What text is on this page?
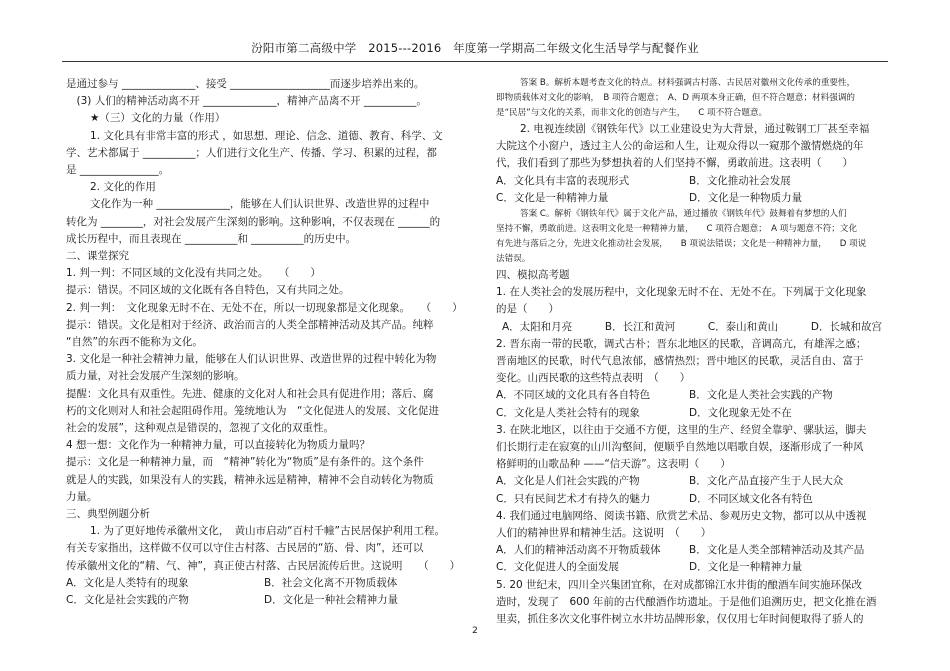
汾阳市第二高级中学　2015---2016　年度第一学期高二年级文化生活导学与配餐作业

是通过参与 ______________、接受 ___________________而逐步培养出来的。

　(3) 人们的精神活动离不开 ______________，精神产品离不开 __________。

★（三）文化的力量（作用）

1. 文化具有非常丰富的形式 ，如思想、理论、信念、道德、教育、科学、文

学、艺术都属于 __________；人们进行文化生产、传播、学习、积累的过程，都

是 _______________。

2. 文化的作用

文化作为一种 ______________，能够在人们认识世界、改造世界的过程中

转化为 ________，对社会发展产生深刻的影响。这种影响，不仅表现在 ______的

成长历程中，而且表现在 __________和 __________的历史中。

二、课堂探究

1. 判一判：不同区域的文化没有共同之处。　　（　　）

提示：错误。不同区域的文化既有各自特色，又有共同之处。

2. 判一判：　文化现象无时不在、无处不在，所以一切现象都是文化现象。　　（　　）

提示：错误。文化是相对于经济、政治而言的人类全部精神活动及其产品。纯粹

“自然”的东西不能称为文化。

3. 文化是一种社会精神力量，能够在人们认识世界、改造世界的过程中转化为物

质力量，对社会发展产生深刻的影响。

提醒：文化具有双重性。先进、健康的文化对人和社会具有促进作用；落后、腐

朽的文化则对人和社会起阻碍作用。笼统地认为　“文化促进人的发展、文化促进

社会的发展”，这种观点是错误的，忽视了文化的双重性。

4 想一想：文化作为一种精神力量，可以直接转化为物质力量吗？

提示：文化是一种精神力量，而　“精神”转化为“物质”是有条件的。这个条件

就是人的实践，如果没有人的实践，精神永远是精神，精神不会自动转化为物质

力量。

三、典型例题分析

1. 为了更好地传承徽州文化，　黄山市启动“百村千幢”古民居保护利用工程。

有关专家指出，这样做不仅可以守住古村落、古民居的“筋、骨、肉”，还可以

传承徽州文化的“精、气、神”，真正使古村落、古民居流传后世。这说明　　（　　）

A．文化是人类特有的现象	B．社会文化离不开物质载体
C．文化是社会实践的产物	D．文化是一种社会精神力量

答案 B。解析本题考查文化的特点。材料强调古村落、古民居对徽州文化传承的重要性，

即物质载体对文化的影响，　B 项符合题意；　A、D 两项本身正确，但不符合题意；材料强调的

是“民居”与文化的关系，而非文化的创造与产生，　　C 项不符合题意。

2. 电视连续剧《钢铁年代》以工业建设史为大背景，通过鞍钢工厂甚至幸福

大院这个小窗户，透过主人公的命运和人生，让观众得以一窥那个激情燃烧的年

代，我们看到了那些为梦想执着的人们坚持不懈，勇敢前进。这表明（　　）

A．文化具有丰富的表现形式	B．文化推动社会发展
C．文化是一种精神力量	D．文化是一种物质力量

答案 C。解析《钢铁年代》属于文化产品，通过播放《钢铁年代》鼓舞着有梦想的人们

坚持不懈，勇敢前进。这表明文化是一种精神力量，　　C 项符合题意；　A 项与题意不符；文化

有先进与落后之分，先进文化推动社会发展，　　B 项说法错误；文化是一种精神力量，　　D 项说

法错误。

四、模拟高考题

1. 在人类社会的发展历程中，文化现象无时不在、无处不在。下列属于文化现象

的是（　　）

A．太阳和月亮	B．长江和黄河	C．泰山和黄山	D．长城和故宫

2. 晋东南一带的民歌，调式古朴；晋东北地区的民歌，音调高亢，有雄浑之感；

晋南地区的民歌，时代气息浓郁，感情热烈；晋中地区的民歌，灵活自由、富于

变化。山西民歌的这些特点表明　（　　）

A．不同区域的文化具有各自特色	B．文化是人类社会实践的产物
C．文化是人类社会特有的现象	D．文化现象无处不在

3. 在陕北地区，以往由于交通不方便，这里的生产、经贸全靠驴、骡驮运，脚夫

们长期行走在寂寞的山川沟壑间，便顺乎自然地以唱歌自娱，逐渐形成了一种风

格鲜明的山歌品种 ——“信天游”。这表明（　　）

A．文化是人们社会实践的产物	B．文化产品直接产生于人民大众
C．只有民间艺术才有持久的魅力	D．不同区域文化各有特色

4. 我们通过电脑网络、阅读书籍、欣赏艺术品、参观历史文物，都可以从中透视

人们的精神世界和精神生活。这说明　（　　）

A．人们的精神活动离不开物质载体	B．文化是人类全部精神活动及其产品
C．文化促进人的全面发展	D．文化是一种精神力量

5. 20 世纪末，四川全兴集团宜称，在对成都锦江水井街的酿酒车间实施环保改

造时，发现了　600 年前的古代酿酒作坊遗址。于是他们追溯历史，把文化推在酒

里卖，抓住多次文化事件树立水井坊品牌形象，仅仅用七年时间便取得了骄人的

2
